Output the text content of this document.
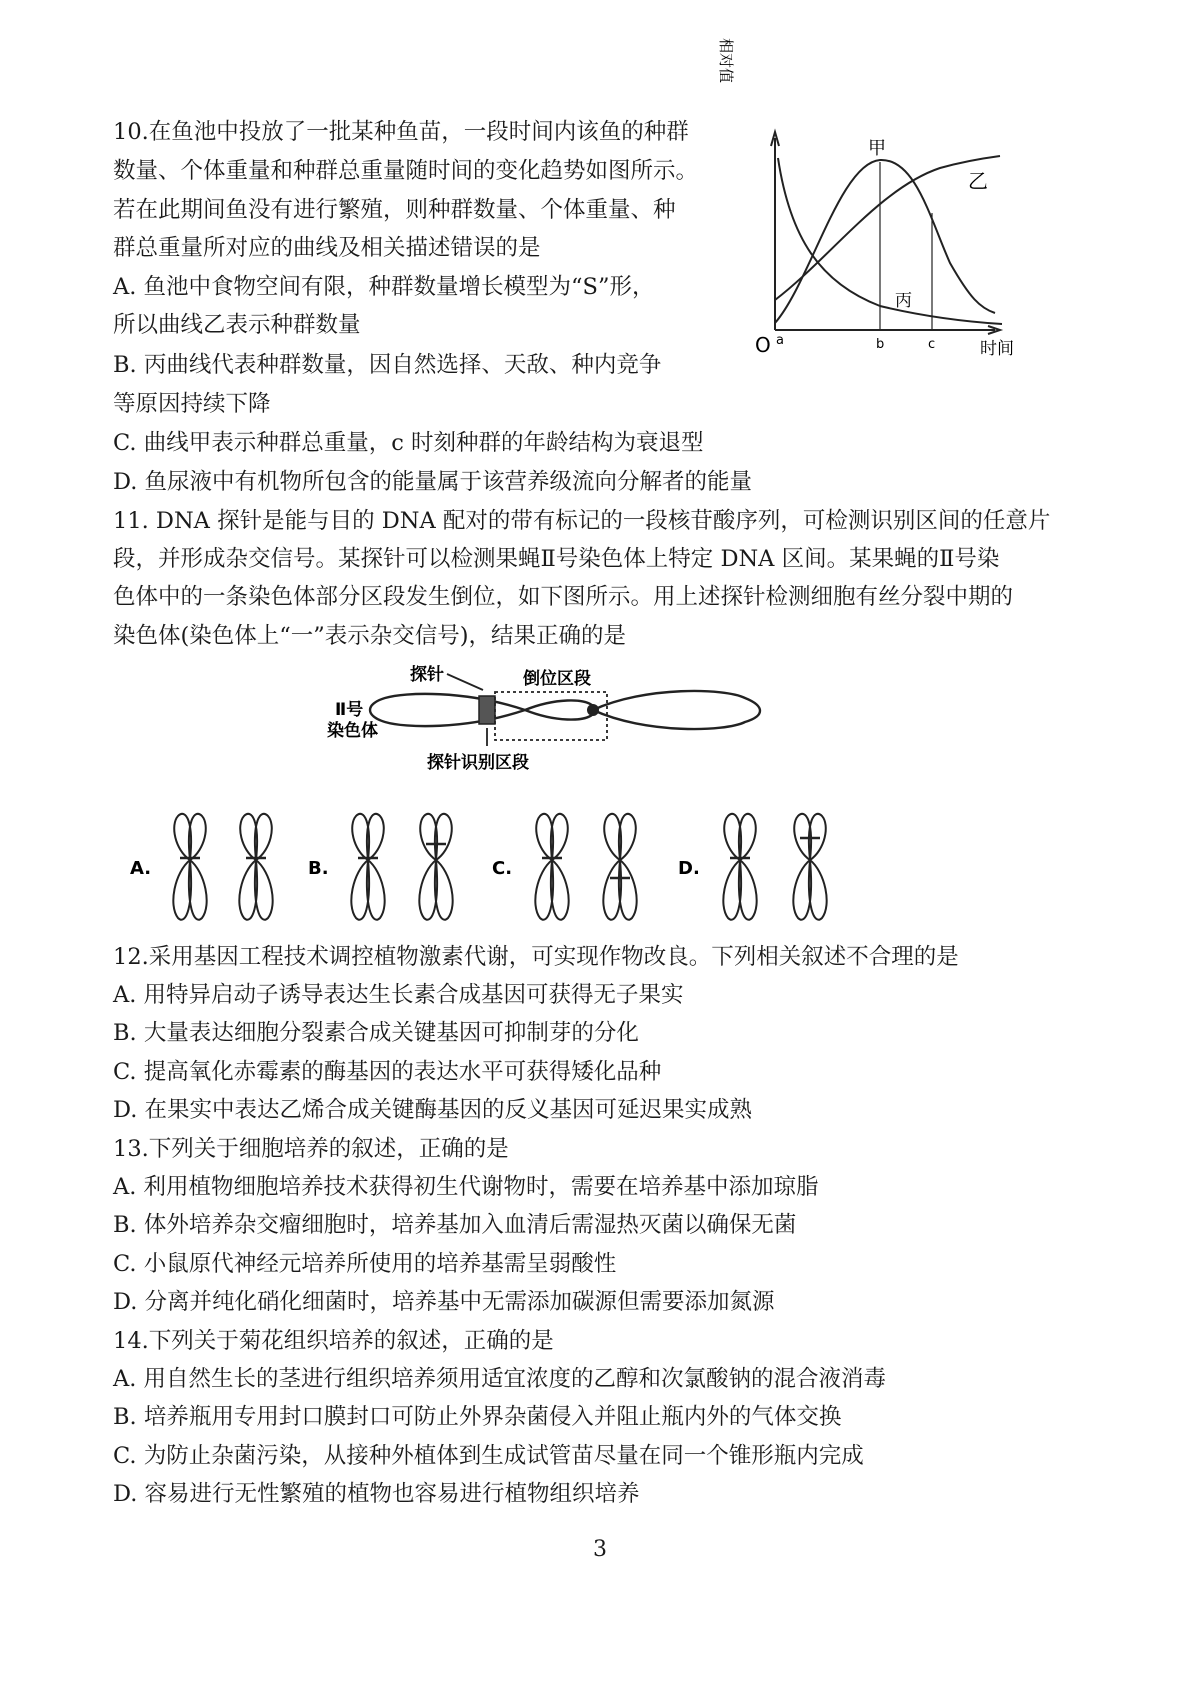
10.在鱼池中投放了一批某种鱼苗，一段时间内该鱼的种群
数量、个体重量和种群总重量随时间的变化趋势如图所示。
若在此期间鱼没有进行繁殖，则种群数量、个体重量、种
群总重量所对应的曲线及相关描述错误的是
A. 鱼池中食物空间有限，种群数量增长模型为“S”形，
所以曲线乙表示种群数量
B. 丙曲线代表种群数量，因自然选择、天敌、种内竞争
等原因持续下降
C. 曲线甲表示种群总重量，c 时刻种群的年龄结构为衰退型
D. 鱼尿液中有机物所包含的能量属于该营养级流向分解者的能量
相对值
O a	b	c	时间
甲
乙
丙
11. DNA 探针是能与目的 DNA 配对的带有标记的一段核苷酸序列，可检测识别区间的任意片
段，并形成杂交信号。某探针可以检测果蝇Ⅱ号染色体上特定 DNA 区间。某果蝇的Ⅱ号染
色体中的一条染色体部分区段发生倒位，如下图所示。用上述探针检测细胞有丝分裂中期的
染色体(染色体上“一”表示杂交信号)，结果正确的是
探针	倒位区段
Ⅱ号
染色体
探针识别区段
A.	B.	C.	D.
12.采用基因工程技术调控植物激素代谢，可实现作物改良。下列相关叙述不合理的是
A. 用特异启动子诱导表达生长素合成基因可获得无子果实
B. 大量表达细胞分裂素合成关键基因可抑制芽的分化
C. 提高氧化赤霉素的酶基因的表达水平可获得矮化品种
D. 在果实中表达乙烯合成关键酶基因的反义基因可延迟果实成熟
13.下列关于细胞培养的叙述，正确的是
A. 利用植物细胞培养技术获得初生代谢物时，需要在培养基中添加琼脂
B. 体外培养杂交瘤细胞时，培养基加入血清后需湿热灭菌以确保无菌
C. 小鼠原代神经元培养所使用的培养基需呈弱酸性
D. 分离并纯化硝化细菌时，培养基中无需添加碳源但需要添加氮源
14.下列关于菊花组织培养的叙述，正确的是
A. 用自然生长的茎进行组织培养须用适宜浓度的乙醇和次氯酸钠的混合液消毒
B. 培养瓶用专用封口膜封口可防止外界杂菌侵入并阻止瓶内外的气体交换
C. 为防止杂菌污染，从接种外植体到生成试管苗尽量在同一个锥形瓶内完成
D. 容易进行无性繁殖的植物也容易进行植物组织培养
3
